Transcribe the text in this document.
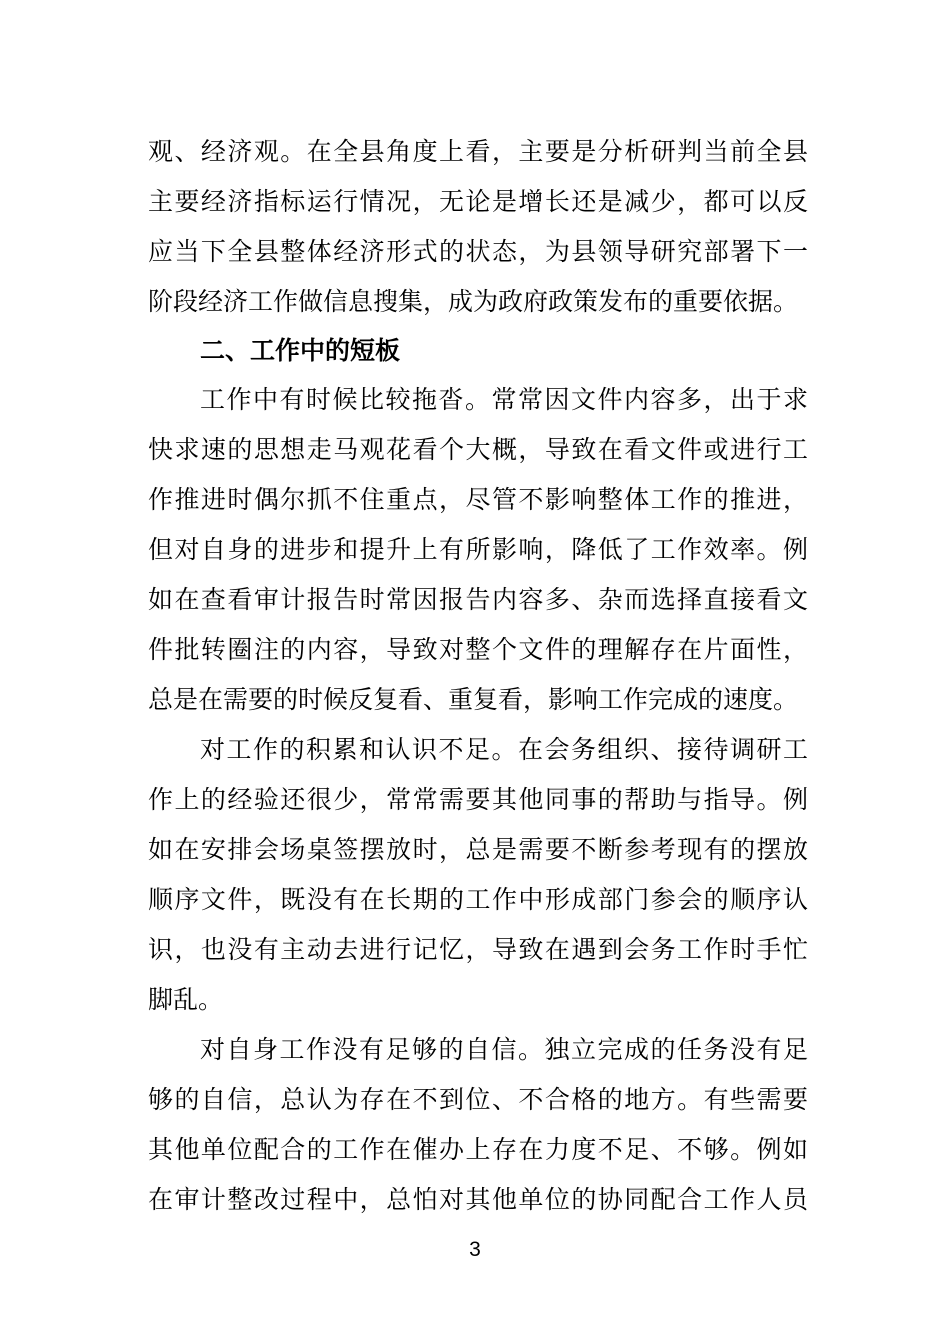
观、经济观。在全县角度上看，主要是分析研判当前全县
主要经济指标运行情况，无论是增长还是减少，都可以反
应当下全县整体经济形式的状态，为县领导研究部署下一
阶段经济工作做信息搜集，成为政府政策发布的重要依据。
二、工作中的短板
工作中有时候比较拖沓。常常因文件内容多，出于求
快求速的思想走马观花看个大概，导致在看文件或进行工
作推进时偶尔抓不住重点，尽管不影响整体工作的推进，
但对自身的进步和提升上有所影响，降低了工作效率。例
如在查看审计报告时常因报告内容多、杂而选择直接看文
件批转圈注的内容，导致对整个文件的理解存在片面性，
总是在需要的时候反复看、重复看，影响工作完成的速度。
对工作的积累和认识不足。在会务组织、接待调研工
作上的经验还很少，常常需要其他同事的帮助与指导。例
如在安排会场桌签摆放时，总是需要不断参考现有的摆放
顺序文件，既没有在长期的工作中形成部门参会的顺序认
识，也没有主动去进行记忆，导致在遇到会务工作时手忙
脚乱。
对自身工作没有足够的自信。独立完成的任务没有足
够的自信，总认为存在不到位、不合格的地方。有些需要
其他单位配合的工作在催办上存在力度不足、不够。例如
在审计整改过程中，总怕对其他单位的协同配合工作人员
3
